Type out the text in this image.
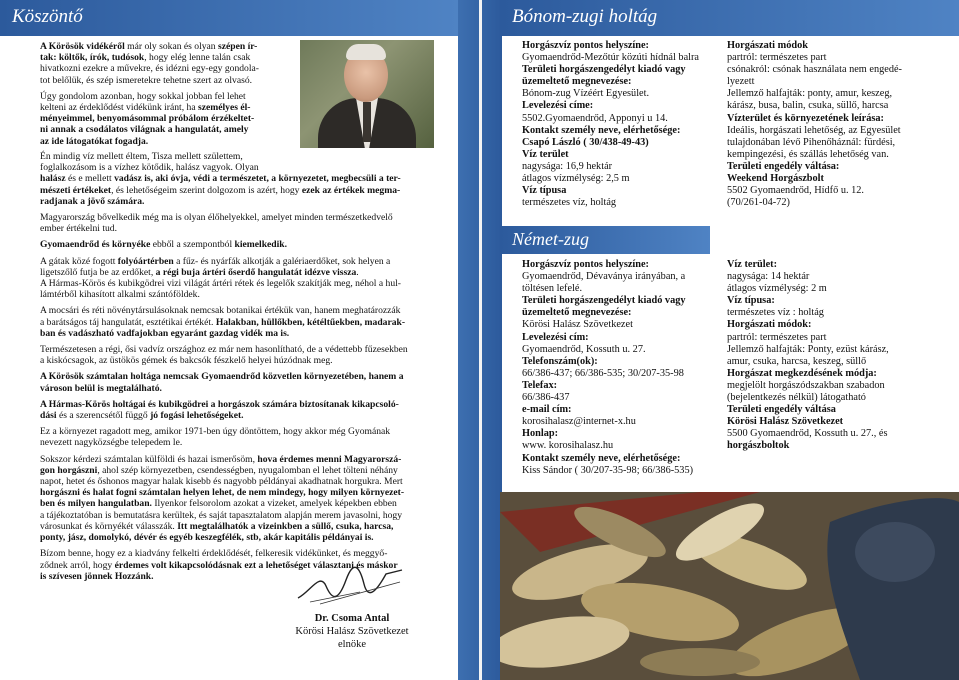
Köszöntő

A Körösök vidékéről már oly sokan és olyan szépen ír-
tak: költők, írók, tudósok, hogy elég lenne talán csak
hivatkozni ezekre a művekre, és idézni egy-egy gondola-
tot belőlük, és szép ismeretekre tehetne szert az olvasó.

Úgy gondolom azonban, hogy sokkal jobban fel lehet
kelteni az érdeklődést vidékünk iránt, ha személyes él-
ményeimmel, benyomásommal próbálom érzékeltet-
ni annak a csodálatos világnak a hangulatát, amely
az ide látogatókat fogadja.

Én mindig víz mellett éltem, Tisza mellett születtem,
foglalkozásom is a vízhez kötődik, halász vagyok. Olyan
halász és e mellett vadász is, aki óvja, védi a természetet, a környezetet, megbecsüli a ter-
mészeti értékeket, és lehetőségeim szerint dolgozom is azért, hogy ezek az értékek megma-
radjanak a jövő számára.

Magyarország bővelkedik még ma is olyan élőhelyekkel, amelyet minden természetkedvelő
ember értékelni tud.

Gyomaendrőd és környéke ebből a szempontból kiemelkedik.

A gátak közé fogott folyóártérben a fűz- és nyárfák alkotják a galériaerdőket, sok helyen a
ligetszőlő futja be az erdőket, a régi buja ártéri őserdő hangulatát idézve vissza.
A Hármas-Körös és kubikgödrei vizi világát ártéri rétek és legelők szakítják meg, néhol a hul-
lámtérből kihasított alkalmi szántóföldek.

A mocsári és réti növénytársulásoknak nemcsak botanikai értékük van, hanem meghatározzák
a barátságos táj hangulatát, esztétikai értékét. Halakban, hüllőkben, kétéltűekben, madarak-
ban és vadászható vadfajokban egyaránt gazdag vidék ma is.

Természetesen a régi, ősi vadvíz országhoz ez már nem hasonlítható, de a védettebb fűzesekben
a kiskócsagok, az üstökös gémek és bakcsók fészkelő helyei húzódnak meg.

A Körösök számtalan holtága nemcsak Gyomaendrőd közvetlen környezetében, hanem a
városon belül is megtalálható.

A Hármas-Körös holtágai és kubikgödrei a horgászok számára biztosítanak kikapcsoló-
dási és a szerencsétől függő jó fogási lehetőségeket.

Ez a környezet ragadott meg, amikor 1971-ben úgy döntöttem, hogy akkor még Gyomának
nevezett nagyközségbe telepedem le.

Sokszor kérdezi számtalan külföldi és hazai ismerősöm, hova érdemes menni Magyarorszá-
gon horgászni, ahol szép környezetben, csendességben, nyugalomban el lehet tölteni néhány
napot, hetet és őshonos magyar halak kisebb és nagyobb példányai akadhatnak horgukra. Mert
horgászni és halat fogni számtalan helyen lehet, de nem mindegy, hogy milyen környezet-
ben és milyen hangulatban. Ilyenkor felsorolom azokat a vizeket, amelyek képekben ebben
a tájékoztatóban is bemutatásra kerültek, és saját tapasztalatom alapján merem javasolni, hogy
városunkat és környékét válasszák. Itt megtalálhatók a vizeinkben a süllő, csuka, harcsa,
ponty, jász, domolykó, dévér és egyéb keszegfélék, stb, akár kapitális példányai is.

Bízom benne, hogy ez a kiadvány felkelti érdeklődését, felkeresik vidékünket, és meggyő-
ződnek arról, hogy érdemes volt kikapcsolódásnak ezt a lehetőséget választani és máskor
is szívesen jönnek Hozzánk.

Dr. Csoma Antal
Körösi Halász Szövetkezet
elnöke
Bónom-zugi holtág
Horgászvíz pontos helyszíne:
Gyomaendrőd-Mezőtúr közúti hídnál balra
Területi horgászengedélyt kiadó vagy
üzemeltető megnevezése:
Bónom-zug Vízéért Egyesület.
Levelezési címe:
5502.Gyomaendrőd, Apponyi u 14.
Kontakt személy neve, elérhetősége:
Csapó László ( 30/438-49-43)
Víz terület
nagysága: 16,9 hektár
átlagos vízmélység: 2,5 m
Víz típusa
természetes víz, holtág
Horgászati módok
partról: természetes part
csónakról: csónak használata nem engedé-
lyezett
Jellemző halfajták: ponty, amur, keszeg,
kárász, busa, balin, csuka, süllő, harcsa
Vízterület és környezetének leírása:
Ideális, horgászati lehetőség, az Egyesület
tulajdonában lévő Pihenőháznál: fürdési,
kempingezési, és szállás lehetőség van.
Területi engedély váltása:
Weekend Horgászbolt
5502 Gyomaendrőd, Hídfő u. 12.
(70/261-04-72)
Német-zug
Horgászvíz pontos helyszíne:
Gyomaendrőd, Dévaványa irányában, a
töltésen lefelé.
Területi horgászengedélyt kiadó vagy
üzemeltető megnevezése:
Körösi Halász Szövetkezet
Levelezési cím:
Gyomaendrőd, Kossuth u. 27.
Telefonszám(ok):
66/386-437; 66/386-535; 30/207-35-98
Telefax:
66/386-437
e-mail cím:
korosihalasz@internet-x.hu
Honlap:
www. korosihalasz.hu
Kontakt személy neve, elérhetősége:
Kiss Sándor ( 30/207-35-98; 66/386-535)
Víz terület:
nagysága: 14 hektár
átlagos vízmélység: 2 m
Víz típusa:
természetes víz : holtág
Horgászati módok:
partról: természetes part
Jellemző halfajták: Ponty, ezüst kárász,
amur, csuka, harcsa, keszeg, süllő
Horgászat megkezdésének módja:
megjelölt horgászódszakban szabadon
(bejelentkezés nélkül) látogatható
Területi engedély váltása
Körösi Halász Szövetkezet
5500 Gyomaendrőd, Kossuth u. 27., és
horgászboltok
